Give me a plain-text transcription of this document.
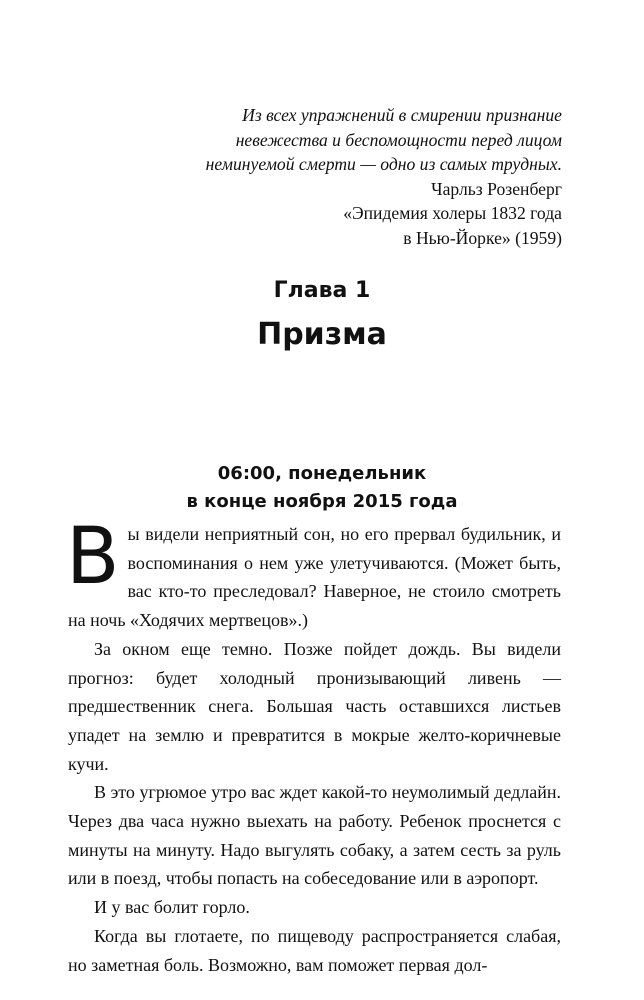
Из всех упражнений в смирении признание
невежества и беспомощности перед лицом
неминуемой смерти — одно из самых трудных.
Чарльз Розенберг
«Эпидемия холеры 1832 года
в Нью-Йорке» (1959)
Глава 1
Призма
06:00, понедельник
в конце ноября 2015 года

Вы видели неприятный сон, но его прервал будильник, и воспоминания о нем уже улетучиваются. (Может быть, вас кто-то преследовал? Наверное, не стоило смотреть на ночь «Ходячих мертвецов».)

За окном еще темно. Позже пойдет дождь. Вы видели прогноз: будет холодный пронизывающий ливень — предшественник снега. Большая часть оставшихся листьев упадет на землю и превратится в мокрые желто-коричневые кучи.

В это угрюмое утро вас ждет какой-то неумолимый дедлайн. Через два часа нужно выехать на работу. Ребенок проснется с минуты на минуту. Надо выгулять собаку, а затем сесть за руль или в поезд, чтобы попасть на собеседование или в аэропорт.

И у вас болит горло.

Когда вы глотаете, по пищеводу распространяется слабая, но заметная боль. Возможно, вам поможет первая дол-
